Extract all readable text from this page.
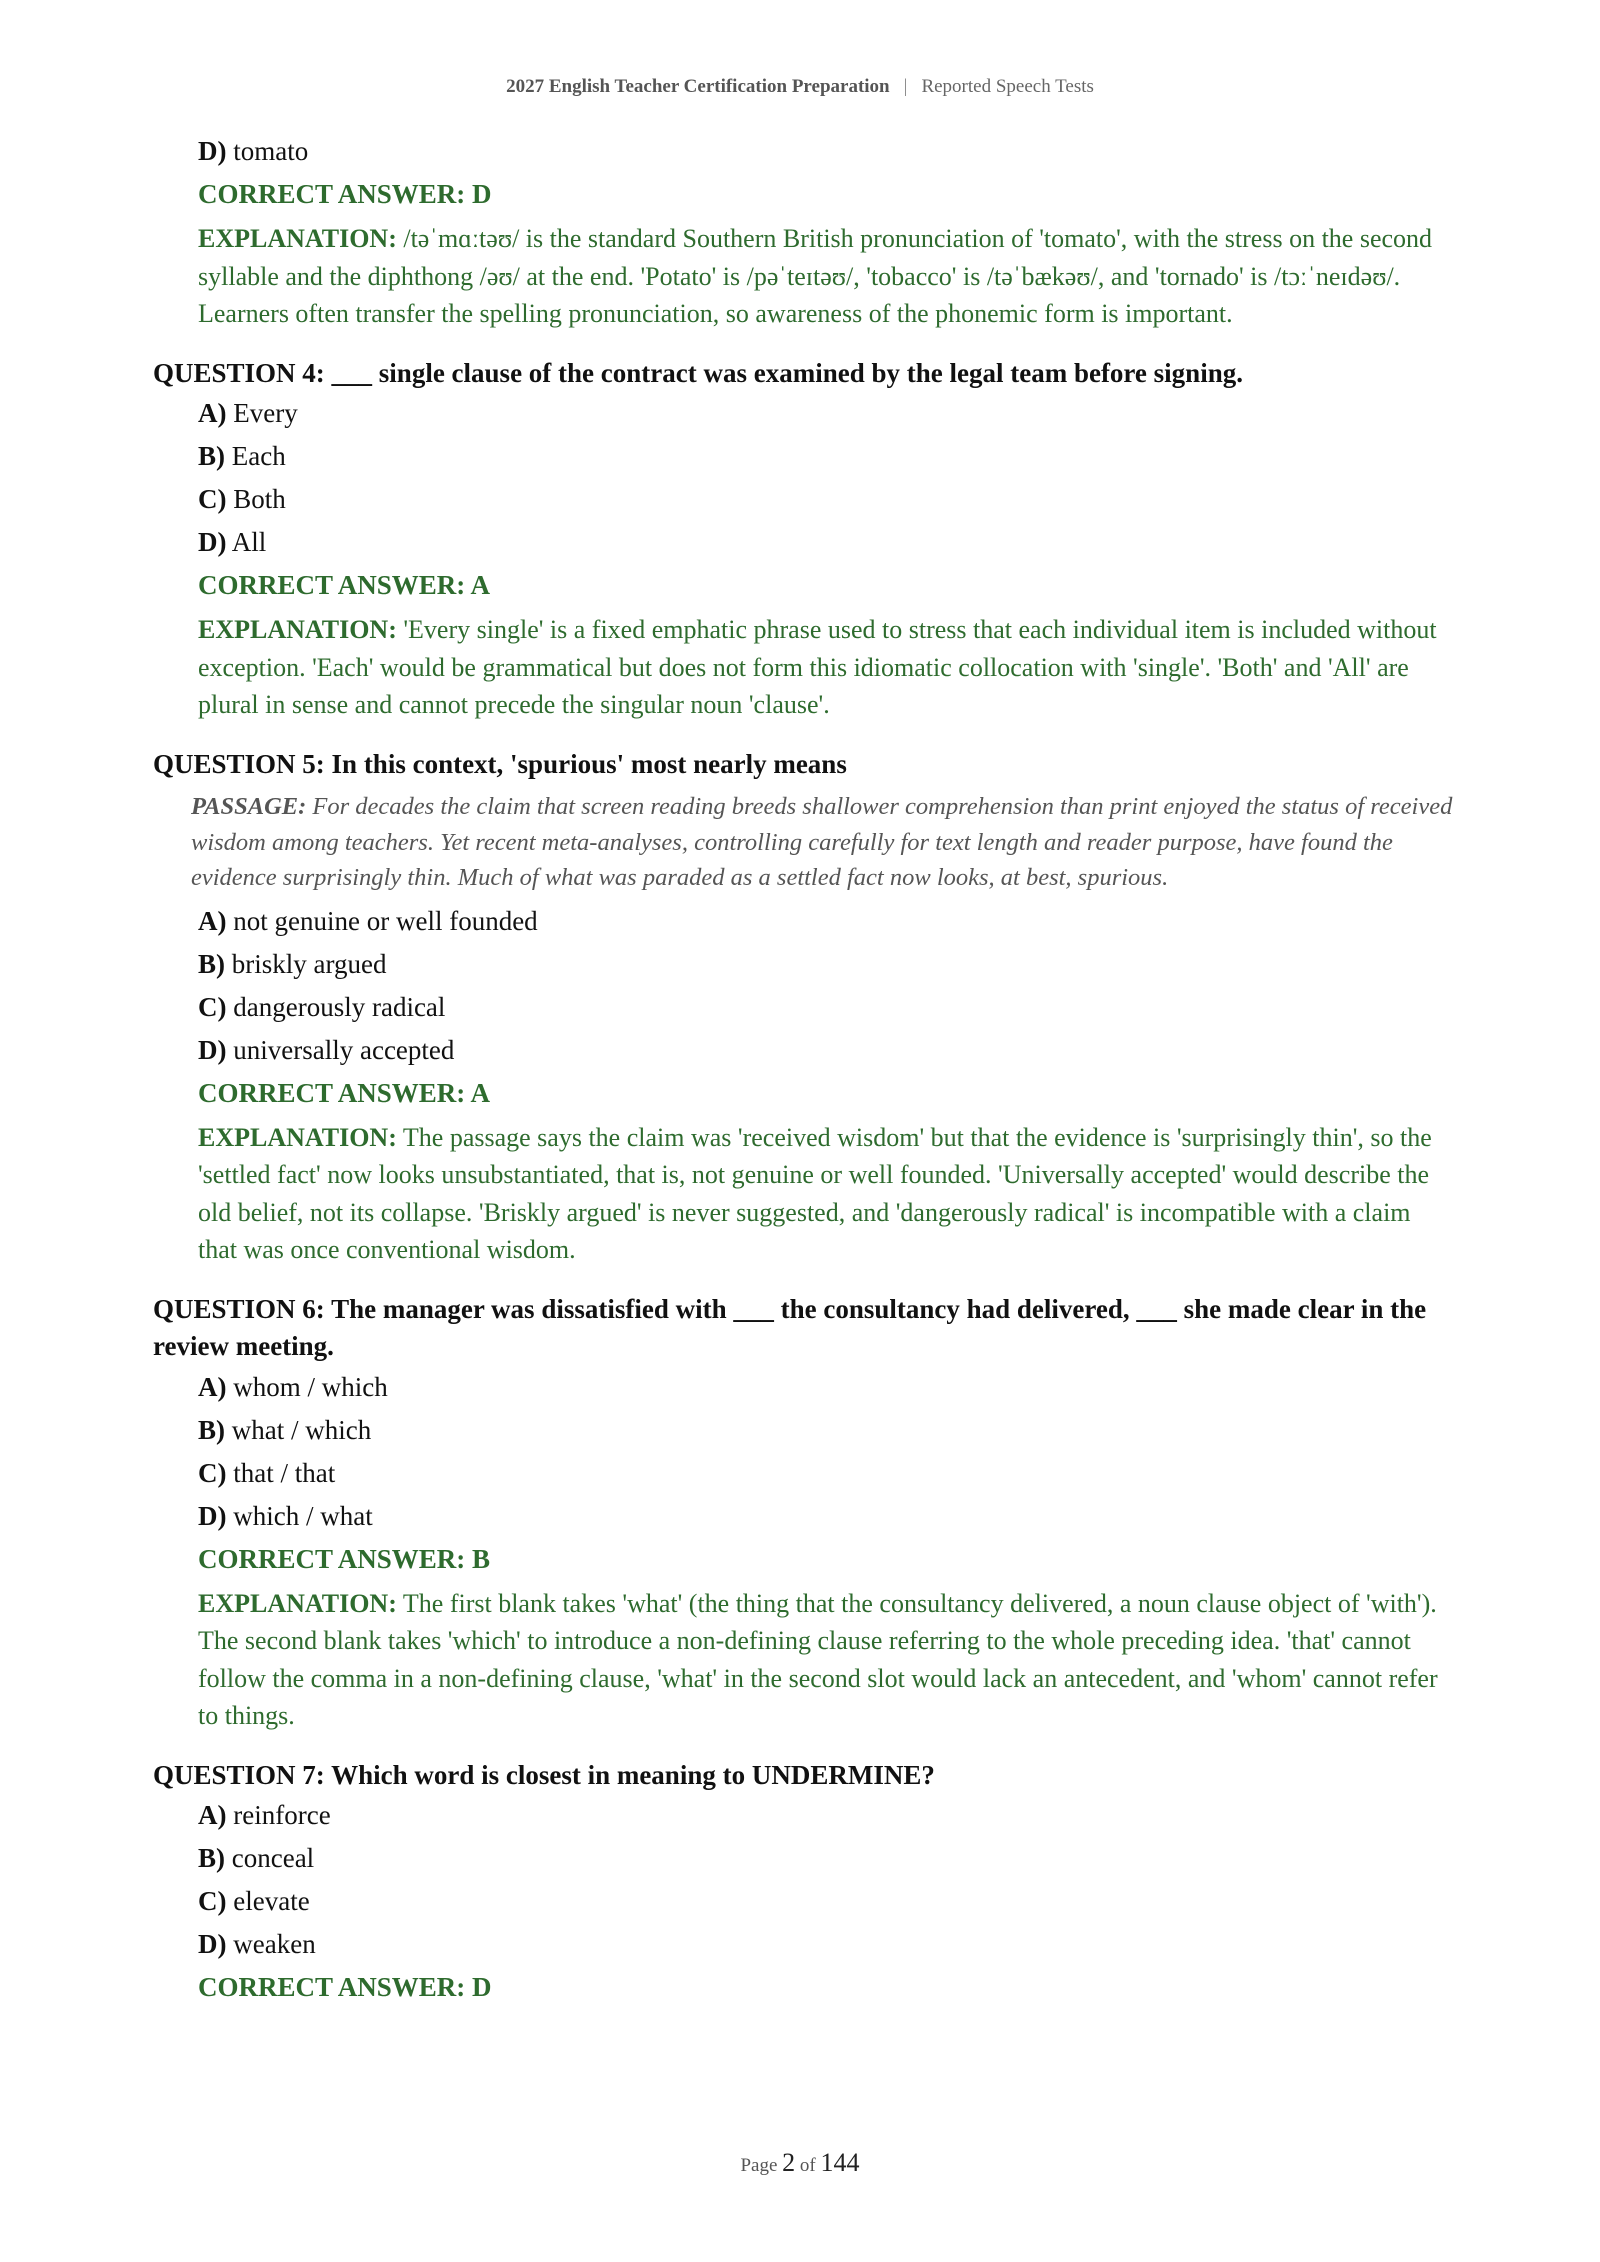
2027 English Teacher Certification Preparation | Reported Speech Tests
D) tomato
CORRECT ANSWER: D
EXPLANATION: /təˈmɑːtəʊ/ is the standard Southern British pronunciation of 'tomato', with the stress on the second syllable and the diphthong /əʊ/ at the end. 'Potato' is /pəˈteɪtəʊ/, 'tobacco' is /təˈbækəʊ/, and 'tornado' is /tɔːˈneɪdəʊ/. Learners often transfer the spelling pronunciation, so awareness of the phonemic form is important.
QUESTION 4: ___ single clause of the contract was examined by the legal team before signing.
A) Every
B) Each
C) Both
D) All
CORRECT ANSWER: A
EXPLANATION: 'Every single' is a fixed emphatic phrase used to stress that each individual item is included without exception. 'Each' would be grammatical but does not form this idiomatic collocation with 'single'. 'Both' and 'All' are plural in sense and cannot precede the singular noun 'clause'.
QUESTION 5: In this context, 'spurious' most nearly means
PASSAGE: For decades the claim that screen reading breeds shallower comprehension than print enjoyed the status of received wisdom among teachers. Yet recent meta-analyses, controlling carefully for text length and reader purpose, have found the evidence surprisingly thin. Much of what was paraded as a settled fact now looks, at best, spurious.
A) not genuine or well founded
B) briskly argued
C) dangerously radical
D) universally accepted
CORRECT ANSWER: A
EXPLANATION: The passage says the claim was 'received wisdom' but that the evidence is 'surprisingly thin', so the 'settled fact' now looks unsubstantiated, that is, not genuine or well founded. 'Universally accepted' would describe the old belief, not its collapse. 'Briskly argued' is never suggested, and 'dangerously radical' is incompatible with a claim that was once conventional wisdom.
QUESTION 6: The manager was dissatisfied with ___ the consultancy had delivered, ___ she made clear in the review meeting.
A) whom / which
B) what / which
C) that / that
D) which / what
CORRECT ANSWER: B
EXPLANATION: The first blank takes 'what' (the thing that the consultancy delivered, a noun clause object of 'with'). The second blank takes 'which' to introduce a non-defining clause referring to the whole preceding idea. 'that' cannot follow the comma in a non-defining clause, 'what' in the second slot would lack an antecedent, and 'whom' cannot refer to things.
QUESTION 7: Which word is closest in meaning to UNDERMINE?
A) reinforce
B) conceal
C) elevate
D) weaken
CORRECT ANSWER: D
Page 2 of 144
